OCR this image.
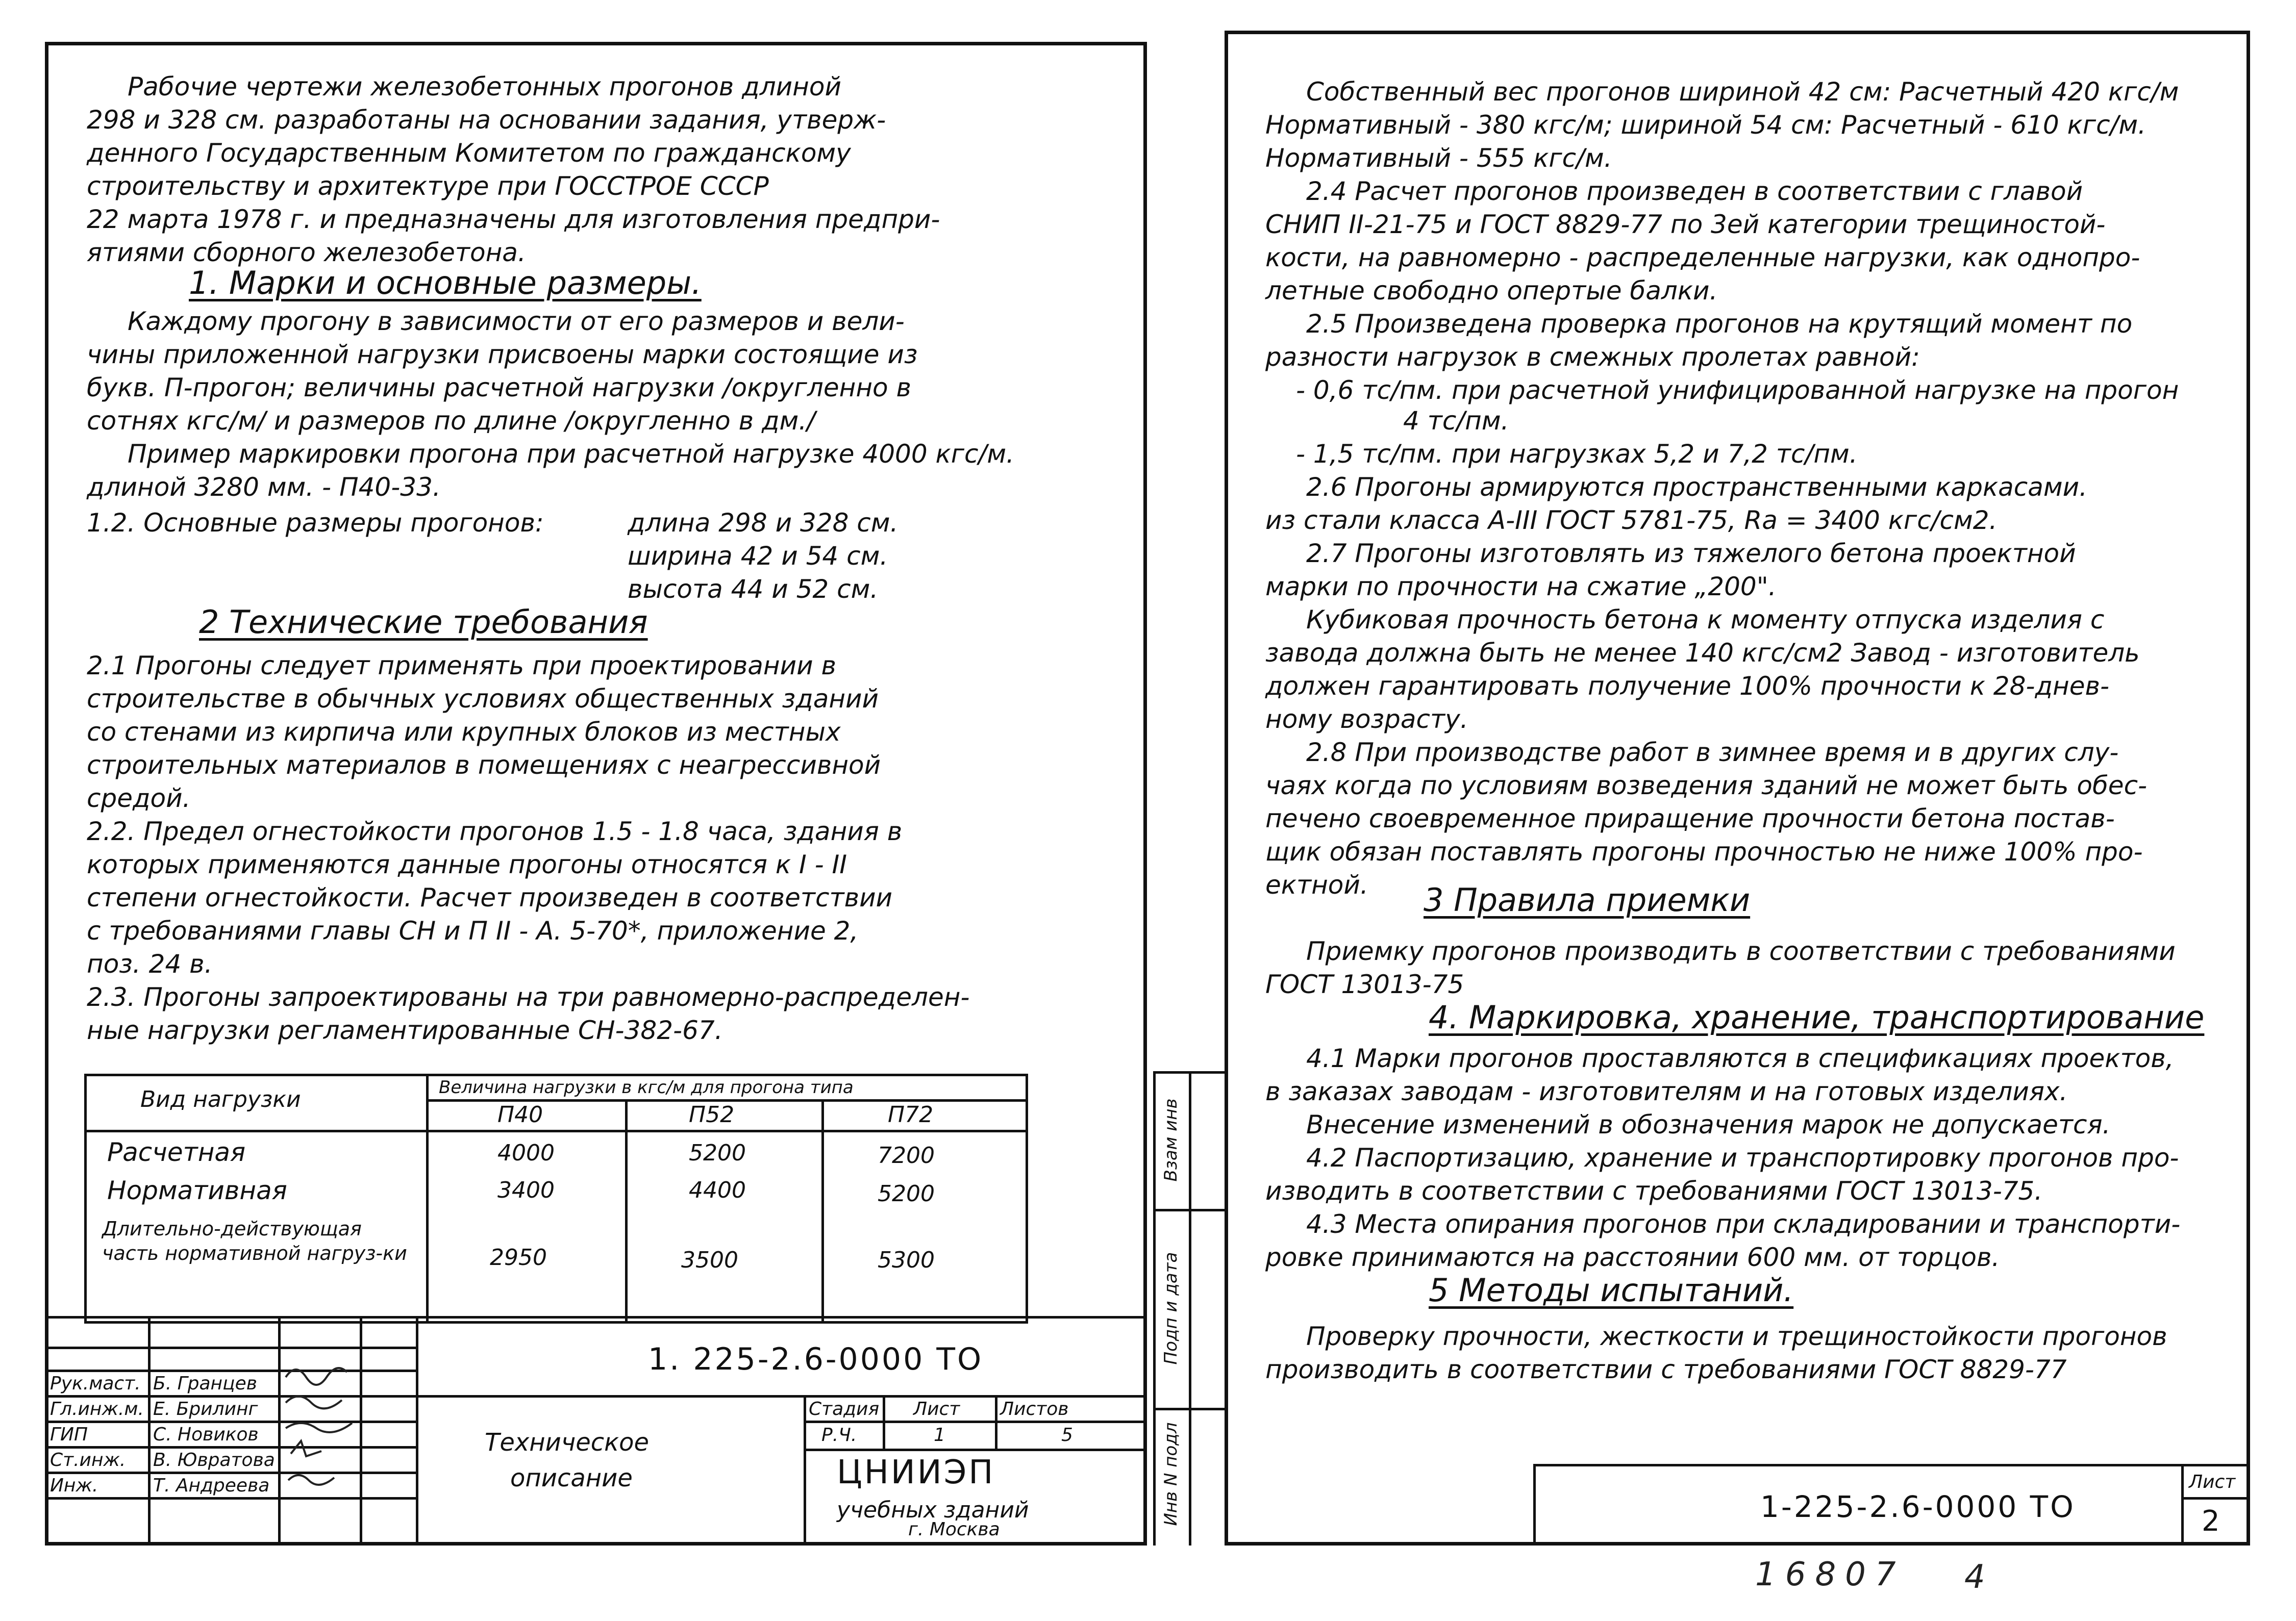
Рабочие чертежи железобетонных прогонов длиной
298 и 328 см. разработаны на основании задания, утверж-
денного Государственным Комитетом по гражданскому
строительству и архитектуре при ГОССТРОЕ СССР
22 марта 1978 г. и предназначены для изготовления предпри-
ятиями сборного железобетона.
1. Марки и основные размеры.
Каждому прогону в зависимости от его размеров и вели-
чины приложенной нагрузки присвоены марки состоящие из
букв. П-прогон; величины расчетной нагрузки /округленно в
сотнях кгс/м/ и размеров по длине /округленно в дм./
Пример маркировки прогона при расчетной нагрузке 4000 кгс/м.
длиной 3280 мм. - П40-33.
1.2. Основные размеры прогонов:	длина 298 и 328 см.
ширина 42 и 54 см.
высота 44 и 52 см.
2 Технические требования
2.1 Прогоны следует применять при проектировании в
строительстве в обычных условиях общественных зданий
со стенами из кирпича или крупных блоков из местных
строительных материалов в помещениях с неагрессивной
средой.
2.2. Предел огнестойкости прогонов 1.5 - 1.8 часа, здания в
которых применяются данные прогоны относятся к I - II
степени огнестойкости. Расчет произведен в соответствии
с требованиями главы СН и П II - А. 5-70*, приложение 2,
поз. 24 в.
2.3. Прогоны запроектированы на три равномерно-распределен-
ные нагрузки регламентированные СН-382-67.
Вид нагрузки	Величина нагрузки в кгс/м для прогона типа
П40	П52	П72
Расчетная	4000	5200	7200
Нормативная	3400	4400	5200
Длительно-действующая часть нормативной нагруз-ки	2950	3500	5300
Рук.маст. Б. Гранцев
Гл.инж.м. Е. Брилинг
ГИП	С. Новиков
Ст.инж. В. Ювратова
Инж.	Т. Андреева
1. 225-2.6-0000 ТО
Техническое
описание
Стадия Лист Листов
Р.Ч.	1	5
ЦНИИЭП
учебных зданий
г. Москва
Собственный вес прогонов шириной 42 см: Расчетный 420 кгс/м
Нормативный - 380 кгс/м; шириной 54 см: Расчетный - 610 кгс/м.
Нормативный - 555 кгс/м.
2.4 Расчет прогонов произведен в соответствии с главой
СНИП II-21-75 и ГОСТ 8829-77 по 3ей категории трещиностой-
кости, на равномерно - распределенные нагрузки, как однопро-
летные свободно опертые балки.
2.5 Произведена проверка прогонов на крутящий момент по
разности нагрузок в смежных пролетах равной:
- 0,6 тс/пм. при расчетной унифицированной нагрузке на прогон
4 тс/пм.
- 1,5 тс/пм. при нагрузках 5,2 и 7,2 тс/пм.
2.6 Прогоны армируются пространственными каркасами.
из стали класса А-III ГОСТ 5781-75, Ra = 3400 кгс/см2.
2.7 Прогоны изготовлять из тяжелого бетона проектной
марки по прочности на сжатие „200".
Кубиковая прочность бетона к моменту отпуска изделия с
завода должна быть не менее 140 кгс/см2 Завод - изготовитель
должен гарантировать получение 100% прочности к 28-днев-
ному возрасту.
2.8 При производстве работ в зимнее время и в других слу-
чаях когда по условиям возведения зданий не может быть обес-
печено своевременное приращение прочности бетона постав-
щик обязан поставлять прогоны прочностью не ниже 100% про-
ектной. 3 Правила приемки
Приемку прогонов производить в соответствии с требованиями
ГОСТ 13013-75
4. Маркировка, хранение, транспортирование
4.1 Марки прогонов проставляются в спецификациях проектов,
в заказах заводам - изготовителям и на готовых изделиях.
Внесение изменений в обозначения марок не допускается.
4.2 Паспортизацию, хранение и транспортировку прогонов про-
изводить в соответствии с требованиями ГОСТ 13013-75.
4.3 Места опирания прогонов при складировании и транспорти-
ровке принимаются на расстоянии 600 мм. от торцов.
5 Методы испытаний.
Проверку прочности, жесткости и трещиностойкости прогонов
производить в соответствии с требованиями ГОСТ 8829-77
Инв N подл
Подп и дата
Взам инв
1-225-2.6-0000 ТО
Лист
2
16807 4
